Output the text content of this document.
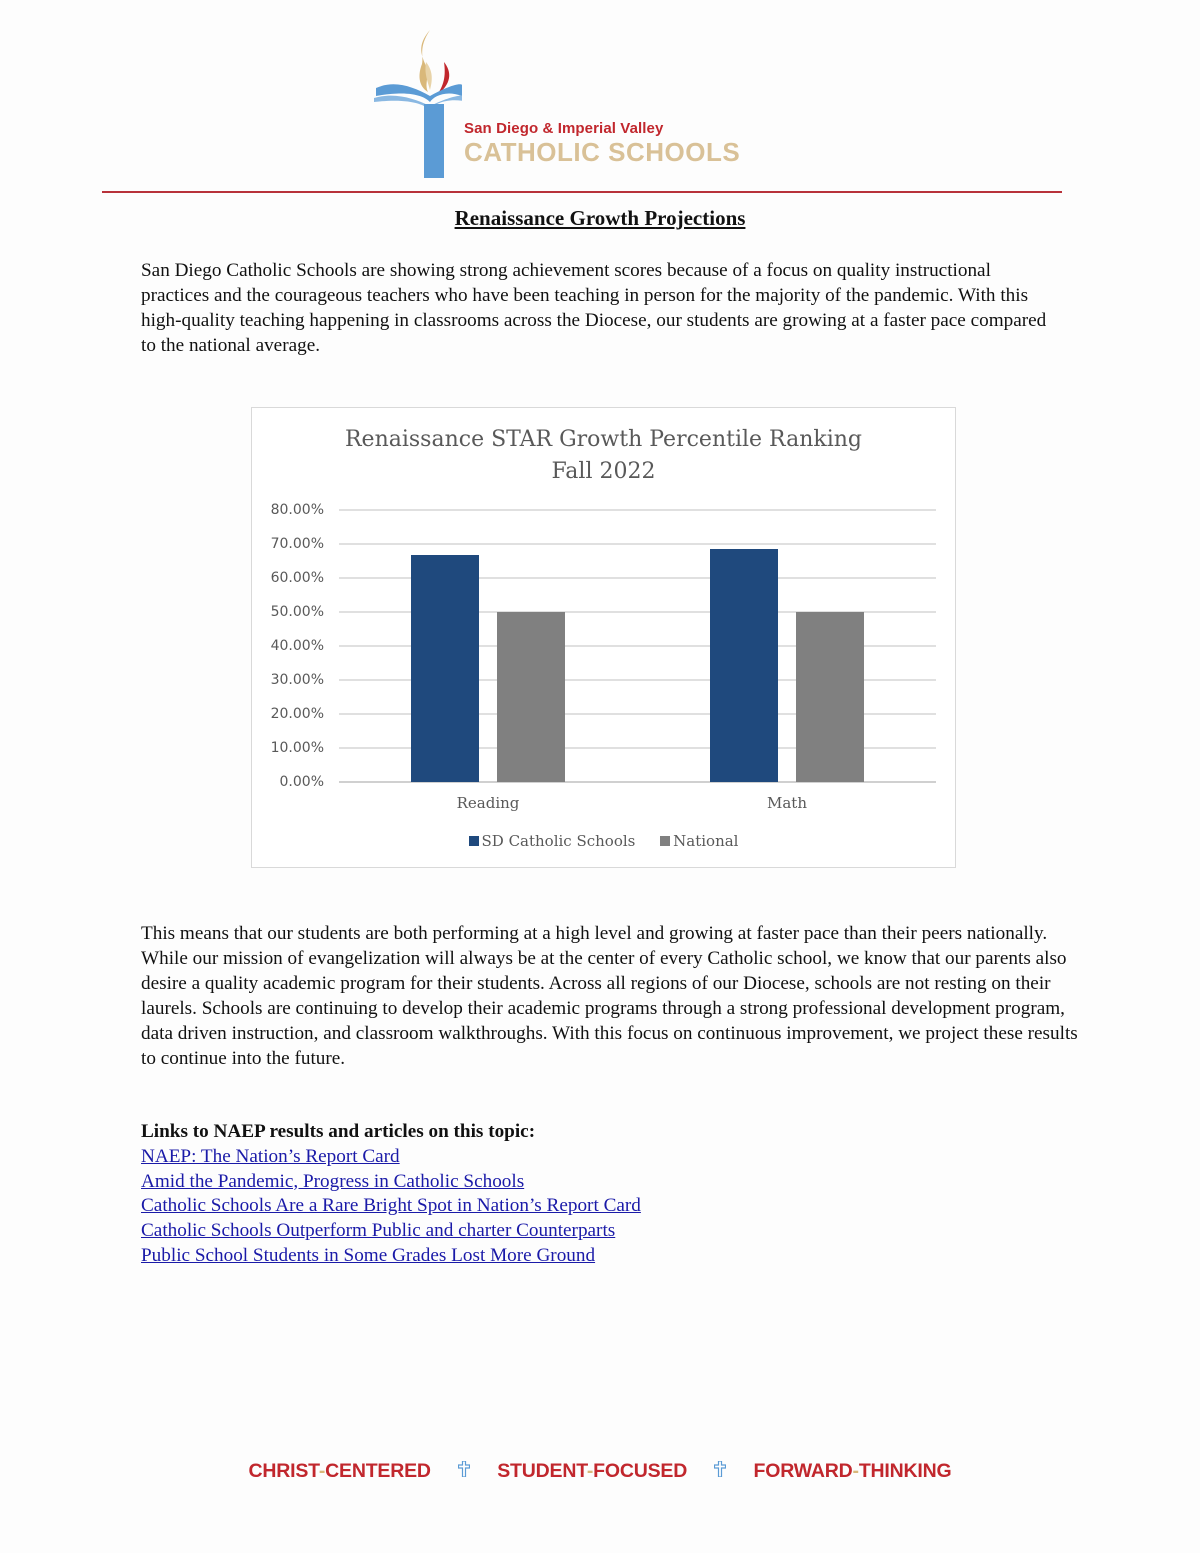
San Diego & Imperial Valley
CATHOLIC SCHOOLS
Renaissance Growth Projections

San Diego Catholic Schools are showing strong achievement scores because of a focus on quality instructional practices and the courageous teachers who have been teaching in person for the majority of the pandemic. With this high-quality teaching happening in classrooms across the Diocese, our students are growing at a faster pace compared to the national average.

Renaissance STAR Growth Percentile Ranking
Fall 2022
80.00%
70.00%
60.00%
50.00%
40.00%
30.00%
20.00%
10.00%
0.00%
Reading	Math
SD Catholic Schools	National

This means that our students are both performing at a high level and growing at faster pace than their peers nationally. While our mission of evangelization will always be at the center of every Catholic school, we know that our parents also desire a quality academic program for their students. Across all regions of our Diocese, schools are not resting on their laurels. Schools are continuing to develop their academic programs through a strong professional development program, data driven instruction, and classroom walkthroughs. With this focus on continuous improvement, we project these results to continue into the future.

Links to NAEP results and articles on this topic:
NAEP: The Nation’s Report Card
Amid the Pandemic, Progress in Catholic Schools
Catholic Schools Are a Rare Bright Spot in Nation’s Report Card
Catholic Schools Outperform Public and charter Counterparts
Public School Students in Some Grades Lost More Ground
CHRIST-CENTERED	STUDENT-FOCUSED	FORWARD-THINKING
